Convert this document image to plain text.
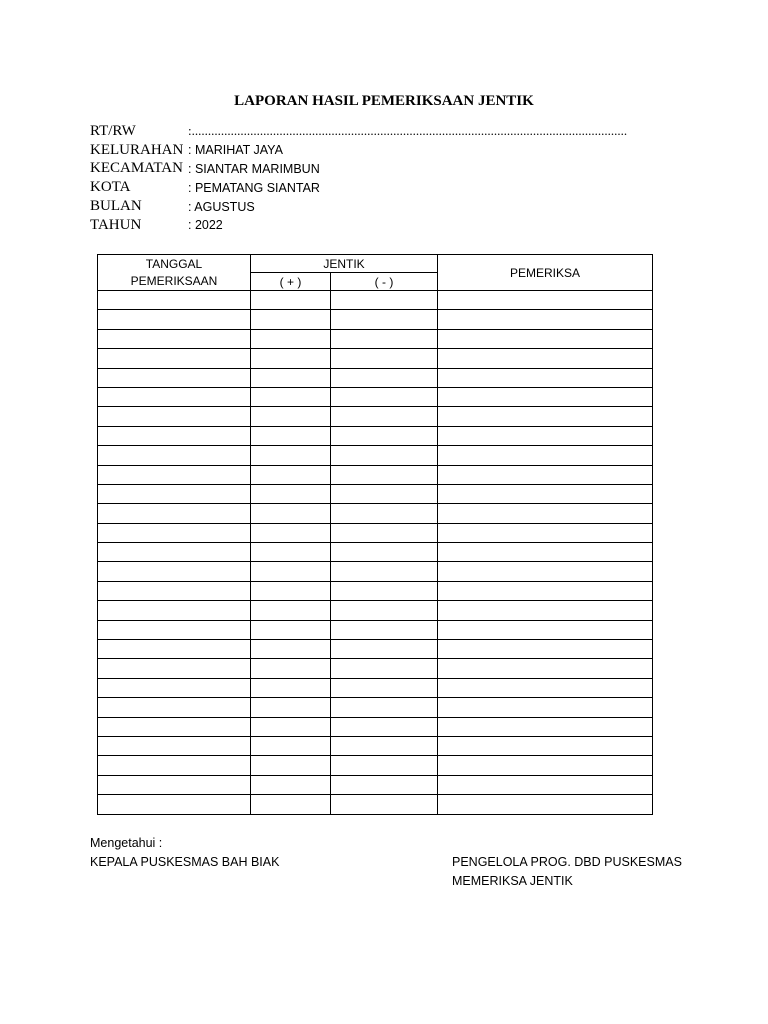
LAPORAN HASIL PEMERIKSAAN JENTIK
RT/RW	:......................................................................................................................................
KELURAHAN : MARIHAT JAYA
KECAMATAN : SIANTAR MARIMBUN
KOTA	: PEMATANG SIANTAR
BULAN	: AGUSTUS
TAHUN	: 2022
TANGGAL PEMERIKSAAN	JENTIK		PEMERIKSA
	( + )	( - )	

Mengetahui :
KEPALA PUSKESMAS BAH BIAK	PENGELOLA PROG. DBD PUSKESMAS
MEMERIKSA JENTIK
